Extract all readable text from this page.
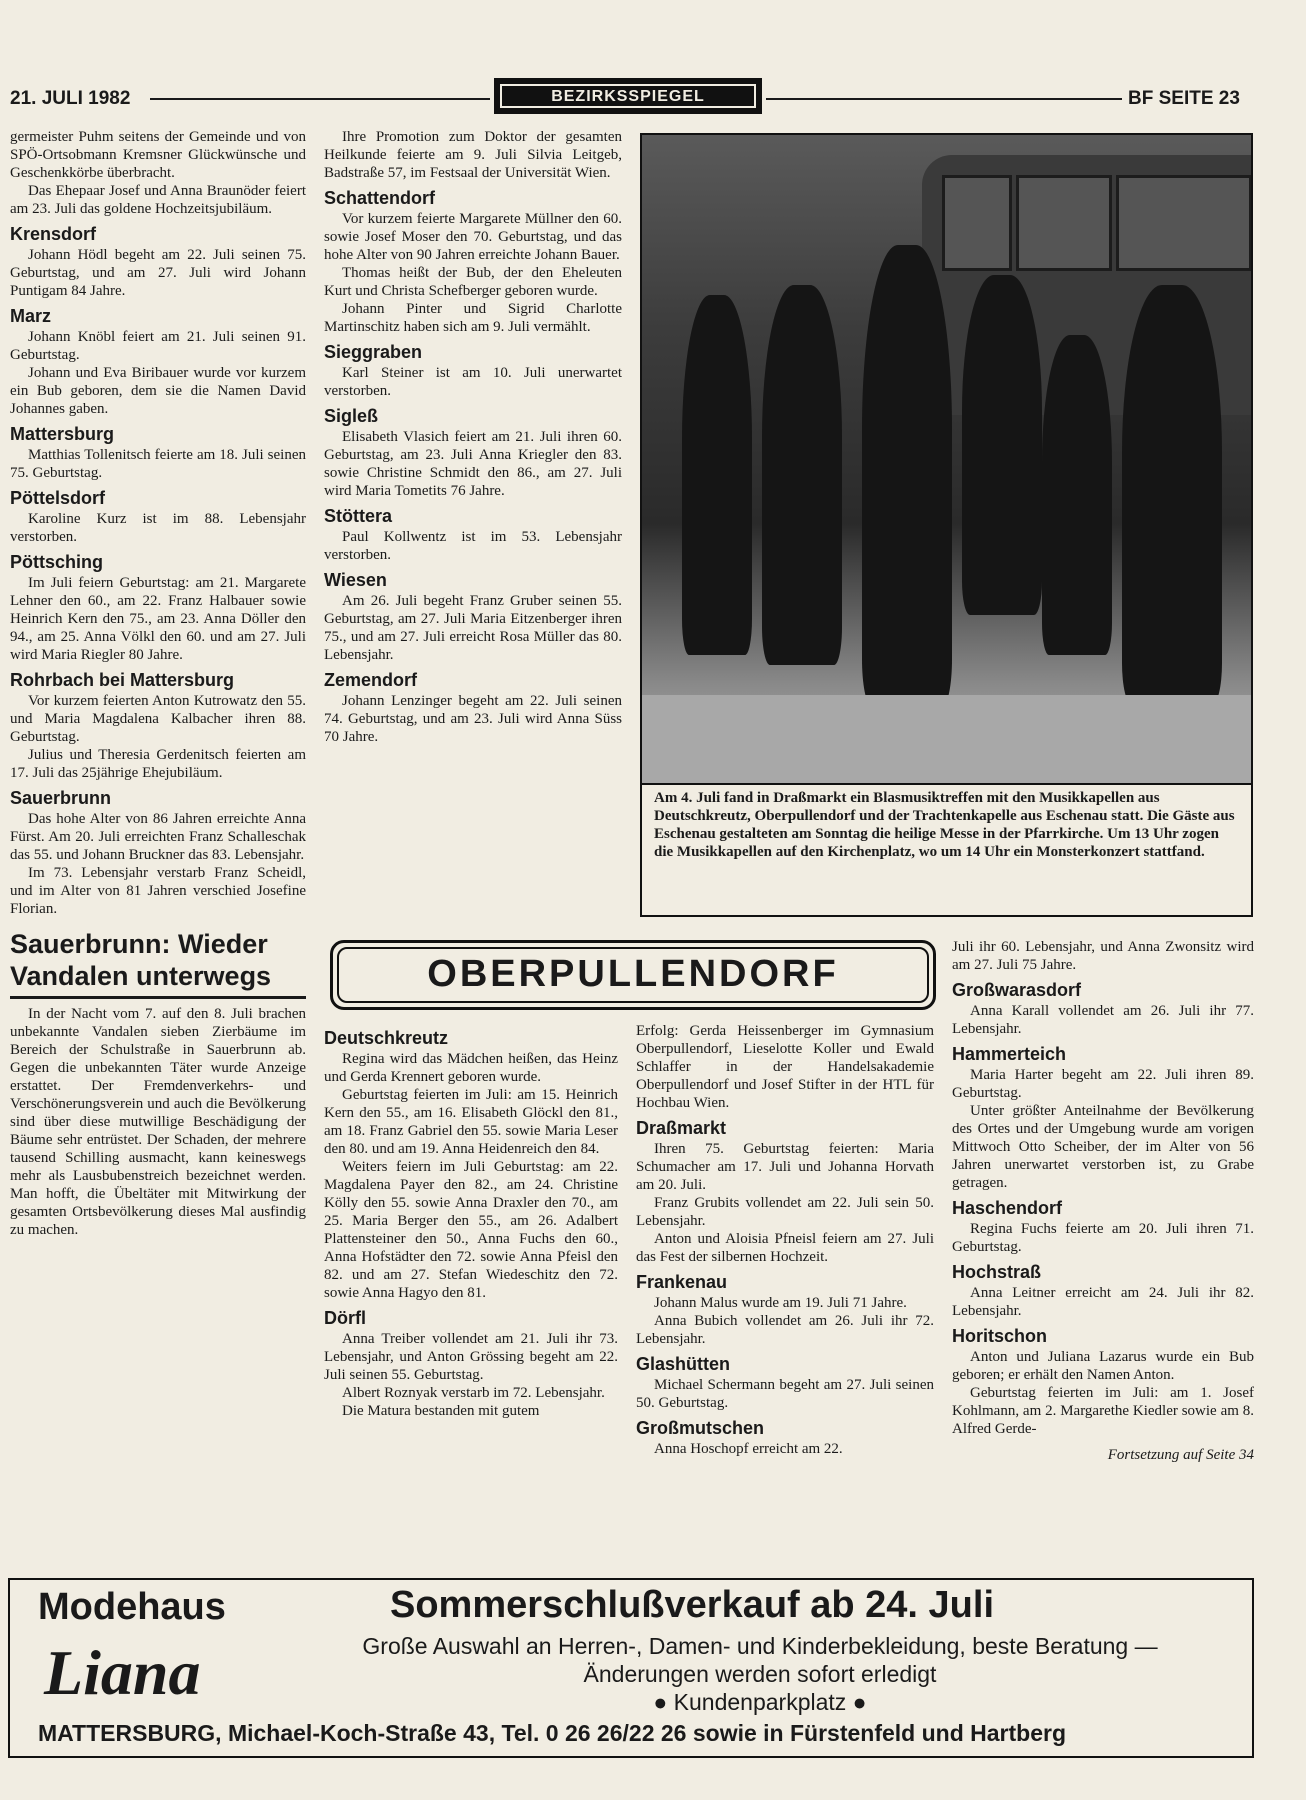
21. JULI 1982	BEZIRKSSPIEGEL	BF SEITE 23

germeister Puhm seitens der Gemeinde und von SPÖ-Ortsobmann Kremsner Glückwünsche und Geschenkkörbe überbracht.

Das Ehepaar Josef und Anna Braunöder feiert am 23. Juli das goldene Hochzeitsjubiläum.

Krensdorf

Johann Hödl begeht am 22. Juli seinen 75. Geburtstag, und am 27. Juli wird Johann Puntigam 84 Jahre.

Marz

Johann Knöbl feiert am 21. Juli seinen 91. Geburtstag.

Johann und Eva Biribauer wurde vor kurzem ein Bub geboren, dem sie die Namen David Johannes gaben.

Mattersburg

Matthias Tollenitsch feierte am 18. Juli seinen 75. Geburtstag.

Pöttelsdorf

Karoline Kurz ist im 88. Lebensjahr verstorben.

Pöttsching

Im Juli feiern Geburtstag: am 21. Margarete Lehner den 60., am 22. Franz Halbauer sowie Heinrich Kern den 75., am 23. Anna Döller den 94., am 25. Anna Völkl den 60. und am 27. Juli wird Maria Riegler 80 Jahre.

Rohrbach bei Mattersburg

Vor kurzem feierten Anton Kutrowatz den 55. und Maria Magdalena Kalbacher ihren 88. Geburtstag.

Julius und Theresia Gerdenitsch feierten am 17. Juli das 25jährige Ehejubiläum.

Sauerbrunn

Das hohe Alter von 86 Jahren erreichte Anna Fürst. Am 20. Juli erreichten Franz Schalleschak das 55. und Johann Bruckner das 83. Lebensjahr.

Im 73. Lebensjahr verstarb Franz Scheidl, und im Alter von 81 Jahren verschied Josefine Florian.

Sauerbrunn: Wieder Vandalen unterwegs

In der Nacht vom 7. auf den 8. Juli brachen unbekannte Vandalen sieben Zierbäume im Bereich der Schulstraße in Sauerbrunn ab. Gegen die unbekannten Täter wurde Anzeige erstattet. Der Fremdenverkehrs- und Verschönerungsverein und auch die Bevölkerung sind über diese mutwillige Beschädigung der Bäume sehr entrüstet. Der Schaden, der mehrere tausend Schilling ausmacht, kann keineswegs mehr als Lausbubenstreich bezeichnet werden. Man hofft, die Übeltäter mit Mitwirkung der gesamten Ortsbevölkerung dieses Mal ausfindig zu machen.

Ihre Promotion zum Doktor der gesamten Heilkunde feierte am 9. Juli Silvia Leitgeb, Badstraße 57, im Festsaal der Universität Wien.

Schattendorf

Vor kurzem feierte Margarete Müllner den 60. sowie Josef Moser den 70. Geburtstag, und das hohe Alter von 90 Jahren erreichte Johann Bauer.

Thomas heißt der Bub, der den Eheleuten Kurt und Christa Schefberger geboren wurde.

Johann Pinter und Sigrid Charlotte Martinschitz haben sich am 9. Juli vermählt.

Sieggraben

Karl Steiner ist am 10. Juli unerwartet verstorben.

Sigleß

Elisabeth Vlasich feiert am 21. Juli ihren 60. Geburtstag, am 23. Juli Anna Kriegler den 83. sowie Christine Schmidt den 86., am 27. Juli wird Maria Tometits 76 Jahre.

Stöttera

Paul Kollwentz ist im 53. Lebensjahr verstorben.

Wiesen

Am 26. Juli begeht Franz Gruber seinen 55. Geburtstag, am 27. Juli Maria Eitzenberger ihren 75., und am 27. Juli erreicht Rosa Müller das 80. Lebensjahr.

Zemendorf

Johann Lenzinger begeht am 22. Juli seinen 74. Geburtstag, und am 23. Juli wird Anna Süss 70 Jahre.

Am 4. Juli fand in Draßmarkt ein Blasmusiktreffen mit den Musikkapellen aus Deutschkreutz, Oberpullendorf und der Trachtenkapelle aus Eschenau statt. Die Gäste aus Eschenau gestalteten am Sonntag die heilige Messe in der Pfarrkirche. Um 13 Uhr zogen die Musikkapellen auf den Kirchenplatz, wo um 14 Uhr ein Monsterkonzert stattfand.
OBERPULLENDORF
Deutschkreutz

Regina wird das Mädchen heißen, das Heinz und Gerda Krennert geboren wurde.

Geburtstag feierten im Juli: am 15. Heinrich Kern den 55., am 16. Elisabeth Glöckl den 81., am 18. Franz Gabriel den 55. sowie Maria Leser den 80. und am 19. Anna Heidenreich den 84.

Weiters feiern im Juli Geburtstag: am 22. Magdalena Payer den 82., am 24. Christine Kölly den 55. sowie Anna Draxler den 70., am 25. Maria Berger den 55., am 26. Adalbert Plattensteiner den 50., Anna Fuchs den 60., Anna Hofstädter den 72. sowie Anna Pfeisl den 82. und am 27. Stefan Wiedeschitz den 72. sowie Anna Hagyo den 81.

Dörfl

Anna Treiber vollendet am 21. Juli ihr 73. Lebensjahr, und Anton Grössing begeht am 22. Juli seinen 55. Geburtstag.

Albert Roznyak verstarb im 72. Lebensjahr.

Die Matura bestanden mit gutem

Erfolg: Gerda Heissenberger im Gymnasium Oberpullendorf, Lieselotte Koller und Ewald Schlaffer in der Handelsakademie Oberpullendorf und Josef Stifter in der HTL für Hochbau Wien.

Draßmarkt

Ihren 75. Geburtstag feierten: Maria Schumacher am 17. Juli und Johanna Horvath am 20. Juli.

Franz Grubits vollendet am 22. Juli sein 50. Lebensjahr.

Anton und Aloisia Pfneisl feiern am 27. Juli das Fest der silbernen Hochzeit.

Frankenau

Johann Malus wurde am 19. Juli 71 Jahre.

Anna Bubich vollendet am 26. Juli ihr 72. Lebensjahr.

Glashütten

Michael Schermann begeht am 27. Juli seinen 50. Geburtstag.

Großmutschen

Anna Hoschopf erreicht am 22.

Juli ihr 60. Lebensjahr, und Anna Zwonsitz wird am 27. Juli 75 Jahre.

Großwarasdorf

Anna Karall vollendet am 26. Juli ihr 77. Lebensjahr.

Hammerteich

Maria Harter begeht am 22. Juli ihren 89. Geburtstag.

Unter größter Anteilnahme der Bevölkerung des Ortes und der Umgebung wurde am vorigen Mittwoch Otto Scheiber, der im Alter von 56 Jahren unerwartet verstorben ist, zu Grabe getragen.

Haschendorf

Regina Fuchs feierte am 20. Juli ihren 71. Geburtstag.

Hochstraß

Anna Leitner erreicht am 24. Juli ihr 82. Lebensjahr.

Horitschon

Anton und Juliana Lazarus wurde ein Bub geboren; er erhält den Namen Anton.

Geburtstag feierten im Juli: am 1. Josef Kohlmann, am 2. Margarethe Kiedler sowie am 8. Alfred Gerde-

Fortsetzung auf Seite 34
Modehaus
Liana
Sommerschlußverkauf ab 24. Juli
Große Auswahl an Herren-, Damen- und Kinderbekleidung, beste Beratung —
Änderungen werden sofort erledigt
● Kundenparkplatz ●
MATTERSBURG, Michael-Koch-Straße 43, Tel. 0 26 26/22 26 sowie in Fürstenfeld und Hartberg
